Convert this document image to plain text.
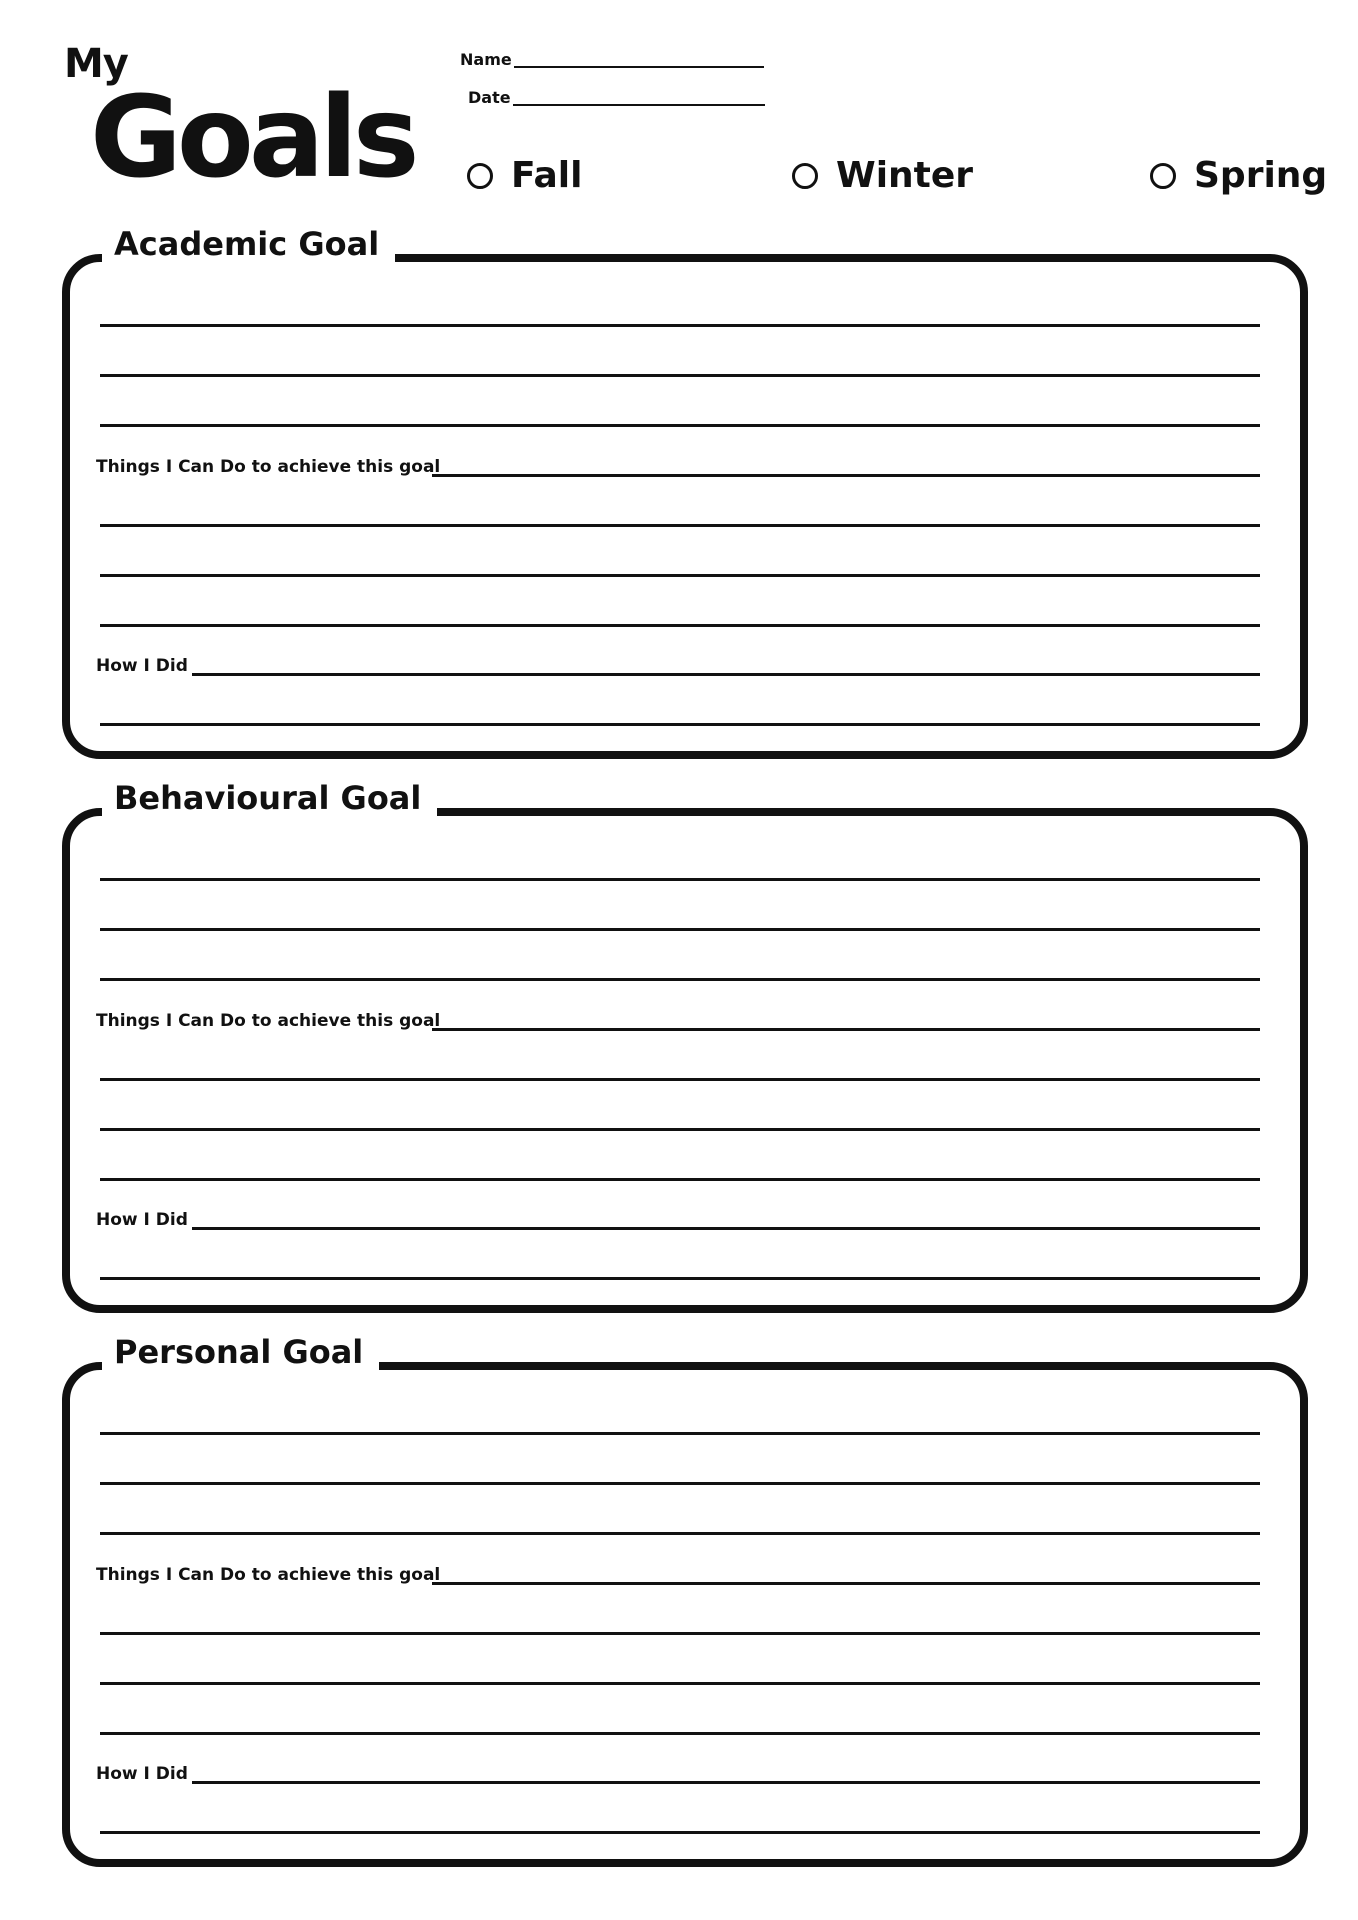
My
Goals
Name
Date
Fall	Winter	Spring
Academic Goal
Things I Can Do to achieve this goal
How I Did
Behavioural Goal
Things I Can Do to achieve this goal
How I Did
Personal Goal
Things I Can Do to achieve this goal
How I Did
